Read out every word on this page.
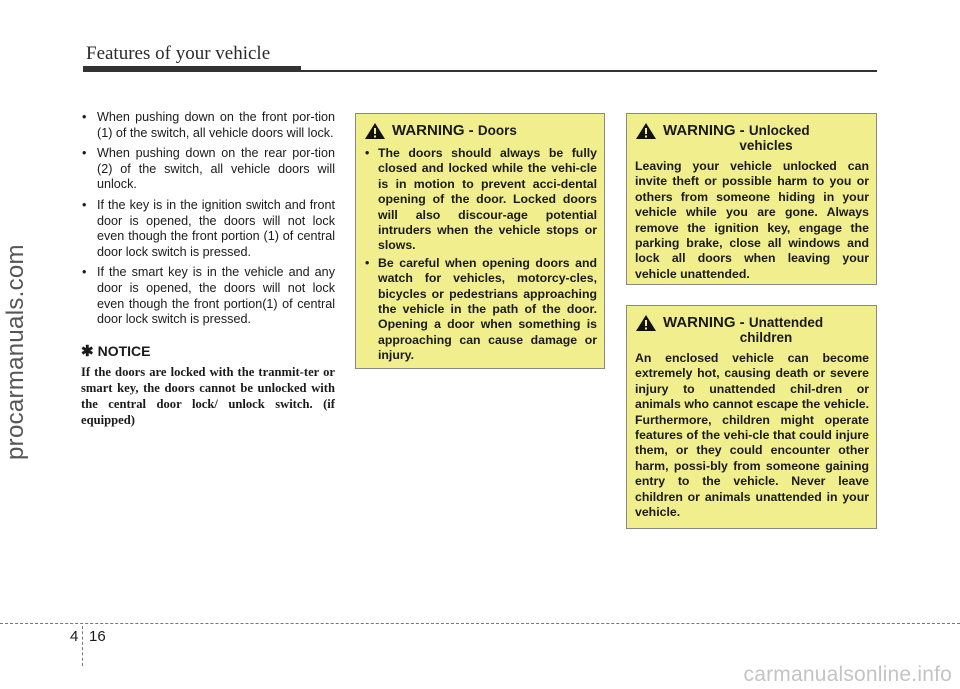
Features of your vehicle
procarmanuals.com
• When pushing down on the front por-tion (1) of the switch, all vehicle doors will lock.
• When pushing down on the rear por-tion (2) of the switch, all vehicle doors will unlock.
• If the key is in the ignition switch and front door is opened, the doors will not lock even though the front portion (1) of central door lock switch is pressed.
• If the smart key is in the vehicle and any door is opened, the doors will not lock even though the front portion(1) of central door lock switch is pressed.
✱ NOTICE
If the doors are locked with the tranmit-ter or smart key, the doors cannot be unlocked with the central door lock/ unlock switch. (if equipped)
WARNING - Doors
• The doors should always be fully closed and locked while the vehi-cle is in motion to prevent acci-dental opening of the door. Locked doors will also discour-age potential intruders when the vehicle stops or slows.
• Be careful when opening doors and watch for vehicles, motorcy-cles, bicycles or pedestrians approaching the vehicle in the path of the door. Opening a door when something is approaching can cause damage or injury.
WARNING - Unlocked
vehicles

Leaving your vehicle unlocked can invite theft or possible harm to you or others from someone hiding in your vehicle while you are gone. Always remove the ignition key, engage the parking brake, close all windows and lock all doors when leaving your vehicle unattended.

WARNING - Unattended
children

An enclosed vehicle can become extremely hot, causing death or severe injury to unattended chil-dren or animals who cannot escape the vehicle. Furthermore, children might operate features of the vehi-cle that could injure them, or they could encounter other harm, possi-bly from someone gaining entry to the vehicle. Never leave children or animals unattended in your vehicle.

4 16
carmanualsonline.info
